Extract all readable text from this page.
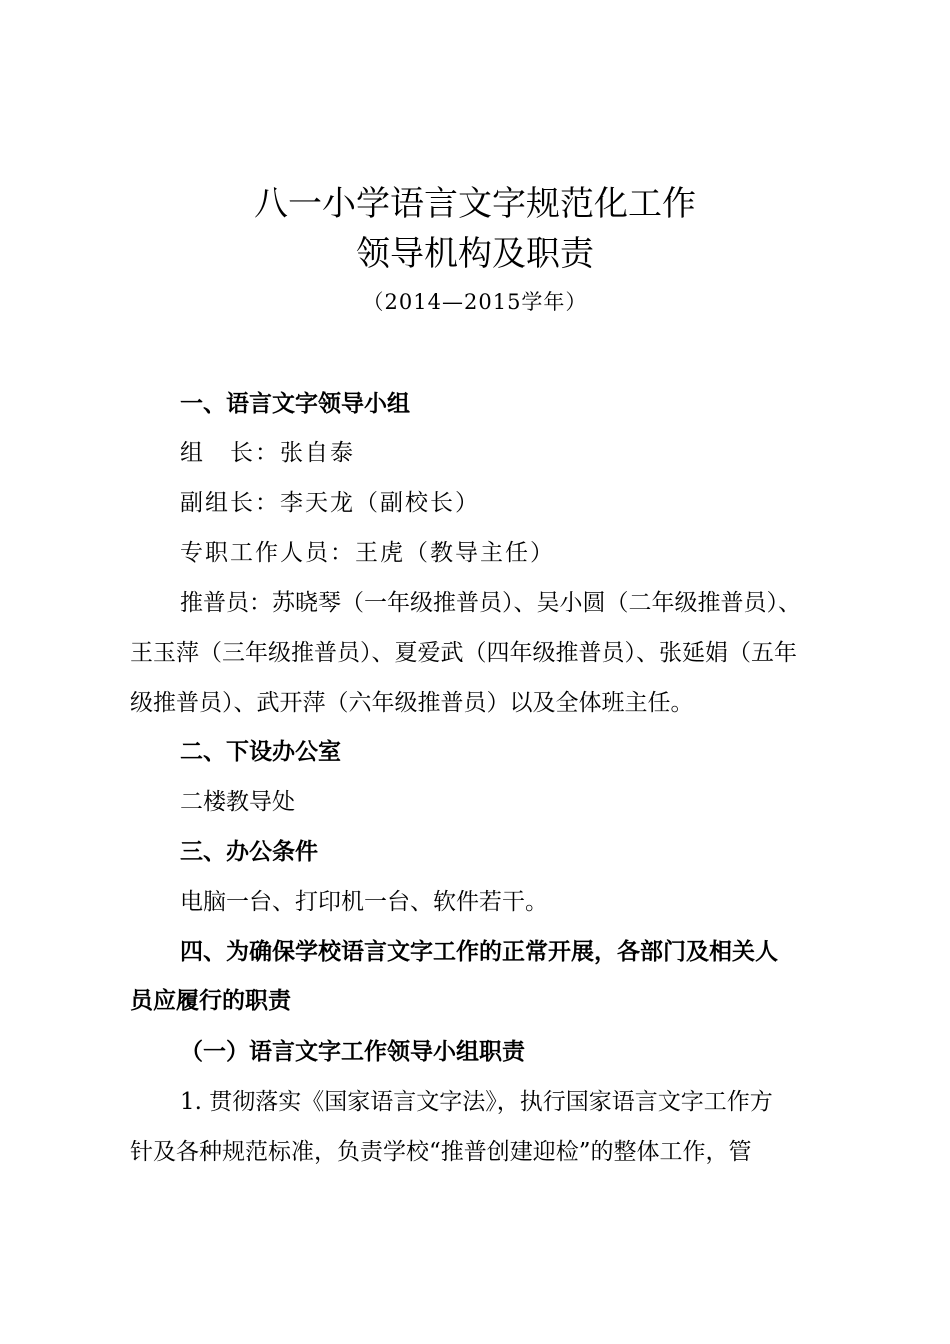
八一小学语言文字规范化工作
领导机构及职责
（2014—2015学年）
一、语言文字领导小组
组　长：张自泰
副组长：李天龙（副校长）
专职工作人员：王虎（教导主任）
推普员：苏晓琴（一年级推普员）、吴小圆（二年级推普员）、
王玉萍（三年级推普员）、夏爱武（四年级推普员）、张延娟（五年
级推普员）、武开萍（六年级推普员）以及全体班主任。
二、下设办公室
二楼教导处
三、办公条件
电脑一台、打印机一台、软件若干。
四、为确保学校语言文字工作的正常开展，各部门及相关人
员应履行的职责
（一）语言文字工作领导小组职责
1. 贯彻落实《国家语言文字法》，执行国家语言文字工作方
针及各种规范标准，负责学校“推普创建迎检”的整体工作，管
